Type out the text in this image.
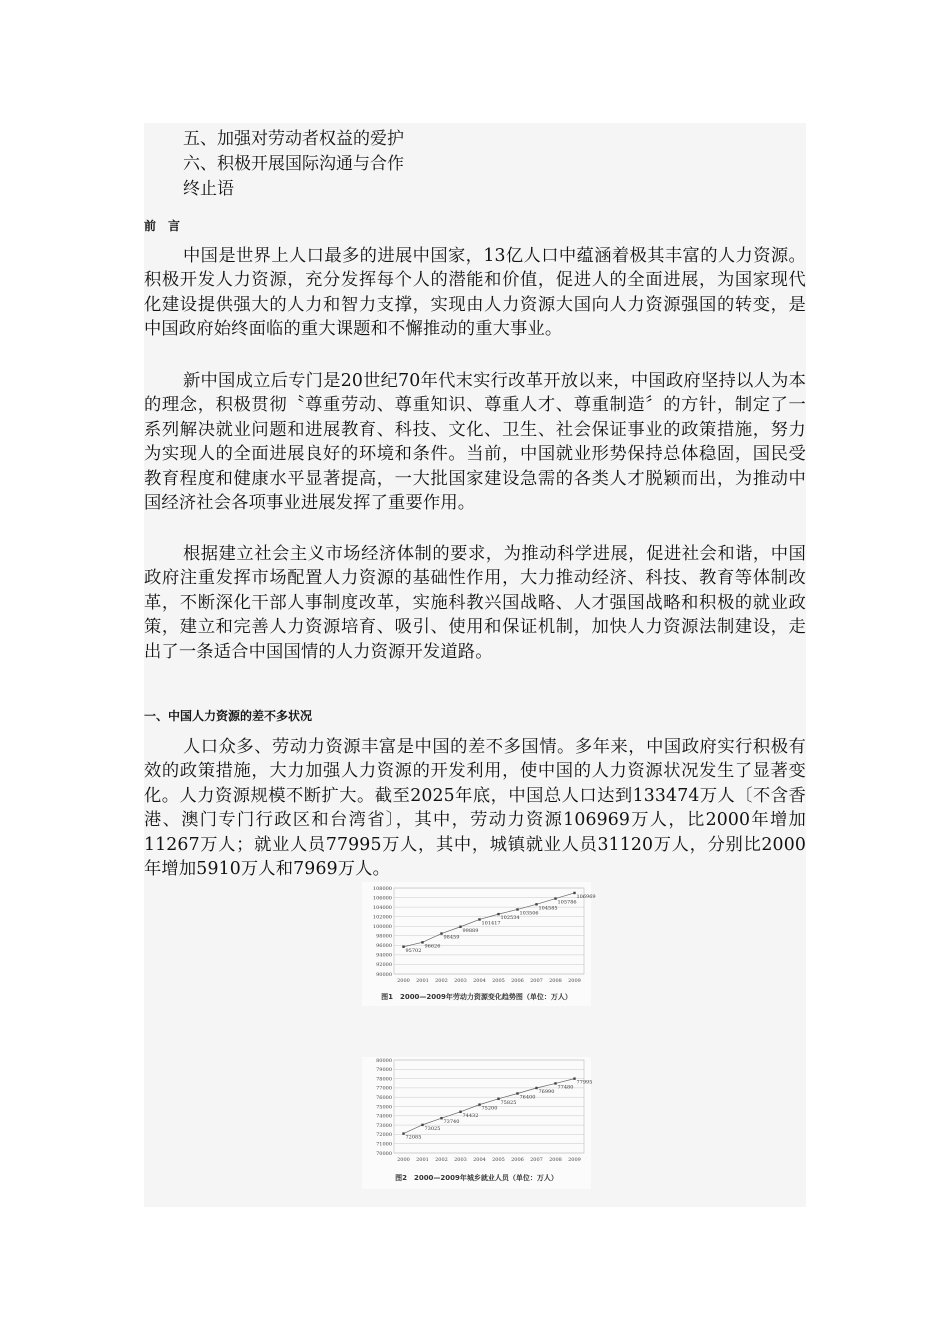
五、加强对劳动者权益的爱护
六、积极开展国际沟通与合作
终止语
前　言

中国是世界上人口最多的进展中国家，13亿人口中蕴涵着极其丰富的人力资源。积极开发人力资源，充分发挥每个人的潜能和价值，促进人的全面进展，为国家现代化建设提供强大的人力和智力支撑，实现由人力资源大国向人力资源强国的转变，是中国政府始终面临的重大课题和不懈推动的重大事业。

新中国成立后专门是20世纪70年代末实行改革开放以来，中国政府坚持以人为本的理念，积极贯彻〝尊重劳动、尊重知识、尊重人才、尊重制造〞的方针，制定了一系列解决就业问题和进展教育、科技、文化、卫生、社会保证事业的政策措施，努力为实现人的全面进展良好的环境和条件。当前，中国就业形势保持总体稳固，国民受教育程度和健康水平显著提高，一大批国家建设急需的各类人才脱颖而出，为推动中国经济社会各项事业进展发挥了重要作用。

根据建立社会主义市场经济体制的要求，为推动科学进展，促进社会和谐，中国政府注重发挥市场配置人力资源的基础性作用，大力推动经济、科技、教育等体制改革，不断深化干部人事制度改革，实施科教兴国战略、人才强国战略和积极的就业政策，建立和完善人力资源培育、吸引、使用和保证机制，加快人力资源法制建设，走出了一条适合中国国情的人力资源开发道路。

一、中国人力资源的差不多状况

人口众多、劳动力资源丰富是中国的差不多国情。多年来，中国政府实行积极有效的政策措施，大力加强人力资源的开发利用，使中国的人力资源状况发生了显著变化。人力资源规模不断扩大。截至2025年底，中国总人口达到133474万人〔不含香港、澳门专门行政区和台湾省〕，其中，劳动力资源106969万人，比2000年增加11267万人；就业人员77995万人，其中，城镇就业人员31120万人，分别比2000年增加5910万人和7969万人。

90000
92000
94000
96000
98000
100000
102000
104000
106000
108000
2000 2001 2002 2003 2004 2005 2006 2007 2008 2009
95702
96626
98459
99889
101417
102534
103506
104585
105786
106969
图1　2000—2009年劳动力资源变化趋势图（单位：万人）
70000
71000
72000
73000
74000
75000
76000
77000
78000
79000
80000
2000 2001 2002 2003 2004 2005 2006 2007 2008 2009
72085
73025
73740
74432
75200
75825
76400
76990
77480
77995
图2　2000—2009年城乡就业人员（单位：万人）
